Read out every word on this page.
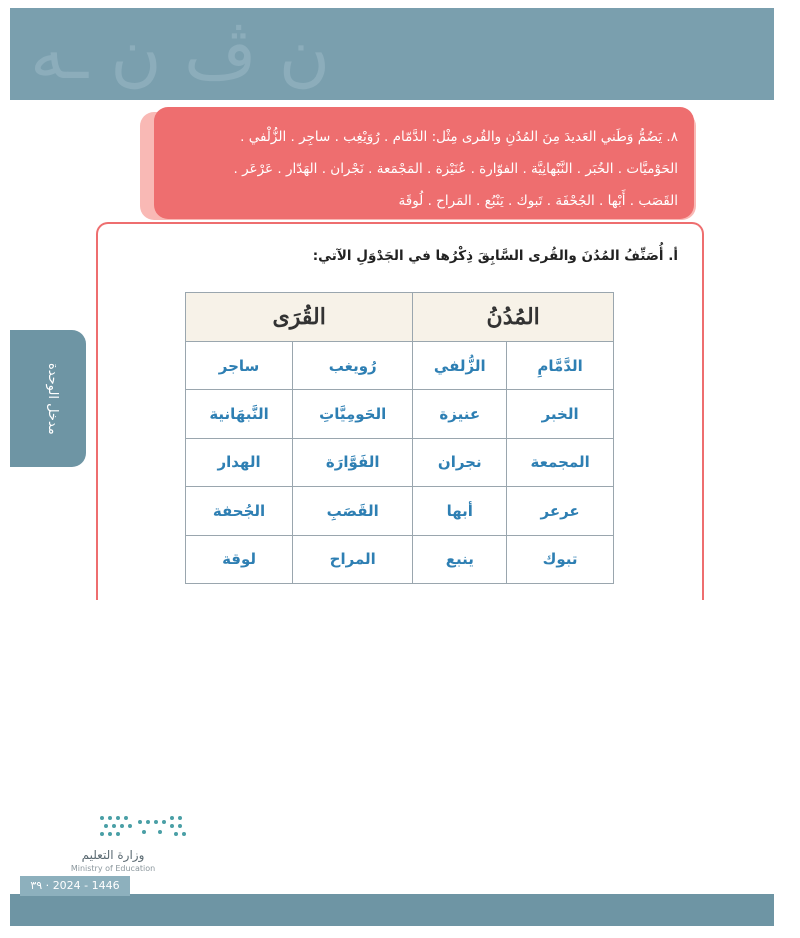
ن ڤ ن ـه
مدخل الوحدة

٨. يَضُمُّ وَطَني العَديدَ مِنَ المُدُنِ والقُرى مِثْل: الدَّمّام . رُوَيْغِب . ساجِر . الزُّلْفي .

الحَوْميَّات . الخُبَر . النَّبْهانِيَّة . الفوّارة . عُنَيْزة . المَجْمَعة . نَجْران . الهَدّار . عَرْعَر .

القَصَب . أَبْها . الجُحْفَة . تَبوك . يَنْبُع . المَراح . لُوقَة

أ. أُصَنِّفُ المُدُنَ والقُرى السَّابِقَ ذِكْرُها في الجَدْوَلِ الآتي:
المُدُنُ		القُرَى	
الدَّمَّامِ	الزُّلفي	رُويغب	ساجر
الخبر	عنيزة	الحَومِيَّاتِ	النَّبهَانية
المجمعة	نجران	الفَوَّارَة	الهدار
عرعر	أبها	القَصَبِ	الجُحفة
تبوك	ينبع	المراح	لوقة
وزارة التعليم
Ministry of Education
٣٩ · 2024 - 1446
